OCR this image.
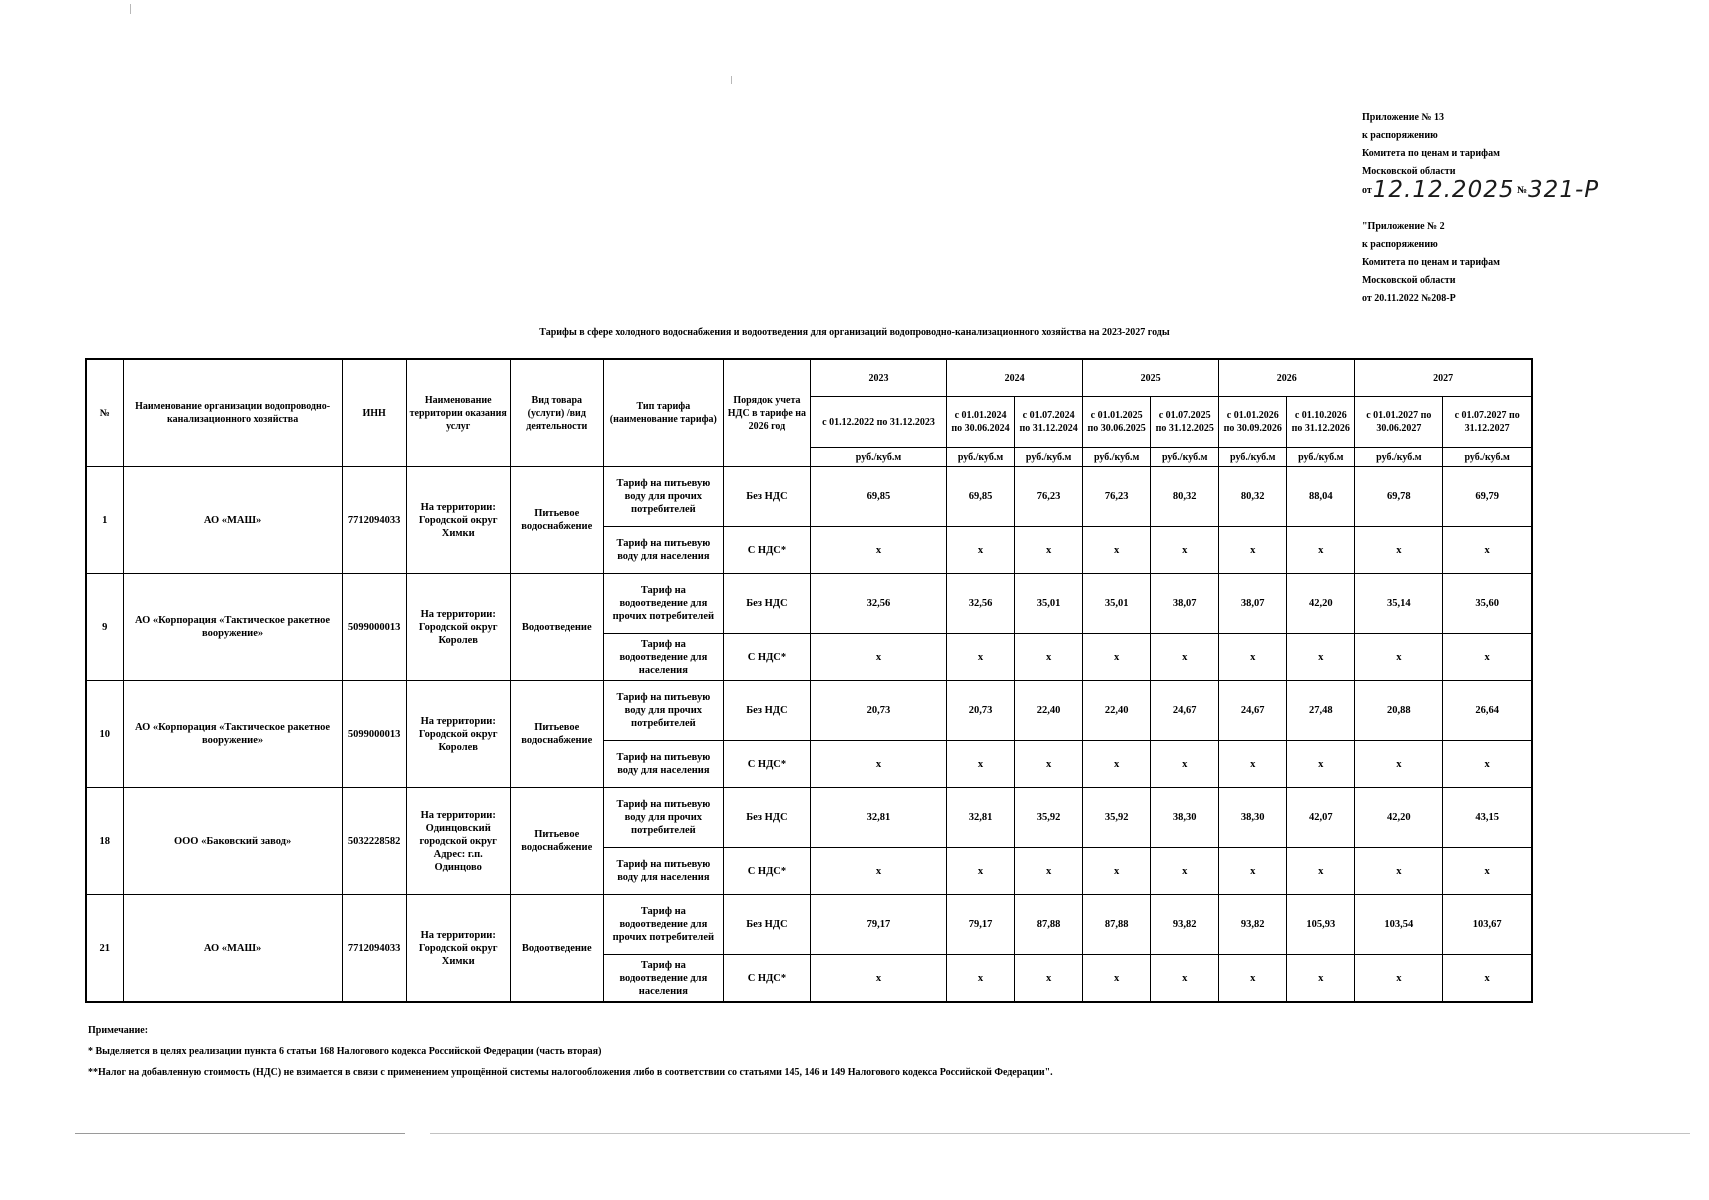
Приложение № 13
к распоряжению
Комитета по ценам и тарифам
Московской области
от12.12.2025 №321-Р
"Приложение № 2
к распоряжению
Комитета по ценам и тарифам
Московской области
от 20.11.2022 №208-Р
Тарифы в сфере холодного водоснабжения и водоотведения для организаций водопроводно-канализационного хозяйства на 2023-2027 годы
№	Наименование организации водопроводно-канализационного хозяйства	ИНН	Наименование территории оказания услуг	Вид товара (услуги) /вид деятельности	Тип тарифа (наименование тарифа)	Порядок учета НДС в тарифе на 2026 год	2023	2024		2025		2026		2027	
							с 01.12.2022 по 31.12.2023	с 01.01.2024 по 30.06.2024	с 01.07.2024 по 31.12.2024	с 01.01.2025 по 30.06.2025	с 01.07.2025 по 31.12.2025	с 01.01.2026 по 30.09.2026	с 01.10.2026 по 31.12.2026	с 01.01.2027 по 30.06.2027	с 01.07.2027 по 31.12.2027
							руб./куб.м	руб./куб.м	руб./куб.м	руб./куб.м	руб./куб.м	руб./куб.м	руб./куб.м	руб./куб.м	руб./куб.м
1	АО «МАШ»	7712094033	На территории: Городской округ Химки	Питьевое водоснабжение	Тариф на питьевую воду для прочих потребителей	Без НДС	69,85	69,85	76,23	76,23	80,32	80,32	88,04	69,78	69,79
					Тариф на питьевую воду для населения	С НДС*	x	x	x	x	x	x	x	x	x
9	АО «Корпорация «Тактическое ракетное вооружение»	5099000013	На территории: Городской округ Королев	Водоотведение	Тариф на водоотведение для прочих потребителей	Без НДС	32,56	32,56	35,01	35,01	38,07	38,07	42,20	35,14	35,60
					Тариф на водоотведение для населения	С НДС*	x	x	x	x	x	x	x	x	x
10	АО «Корпорация «Тактическое ракетное вооружение»	5099000013	На территории: Городской округ Королев	Питьевое водоснабжение	Тариф на питьевую воду для прочих потребителей	Без НДС	20,73	20,73	22,40	22,40	24,67	24,67	27,48	20,88	26,64
					Тариф на питьевую воду для населения	С НДС*	x	x	x	x	x	x	x	x	x
18	ООО «Баковский завод»	5032228582	На территории: Одинцовский городской округ Адрес: г.п. Одинцово	Питьевое водоснабжение	Тариф на питьевую воду для прочих потребителей	Без НДС	32,81	32,81	35,92	35,92	38,30	38,30	42,07	42,20	43,15
					Тариф на питьевую воду для населения	С НДС*	x	x	x	x	x	x	x	x	x
21	АО «МАШ»	7712094033	На территории: Городской округ Химки	Водоотведение	Тариф на водоотведение для прочих потребителей	Без НДС	79,17	79,17	87,88	87,88	93,82	93,82	105,93	103,54	103,67
					Тариф на водоотведение для населения	С НДС*	x	x	x	x	x	x	x	x	x
Примечание:
* Выделяется в целях реализации пункта 6 статьи 168 Налогового кодекса Российской Федерации (часть вторая)
**Налог на добавленную стоимость (НДС) не взимается в связи с применением упрощённой системы налогообложения либо в соответствии со статьями 145, 146 и 149 Налогового кодекса Российской Федерации".
